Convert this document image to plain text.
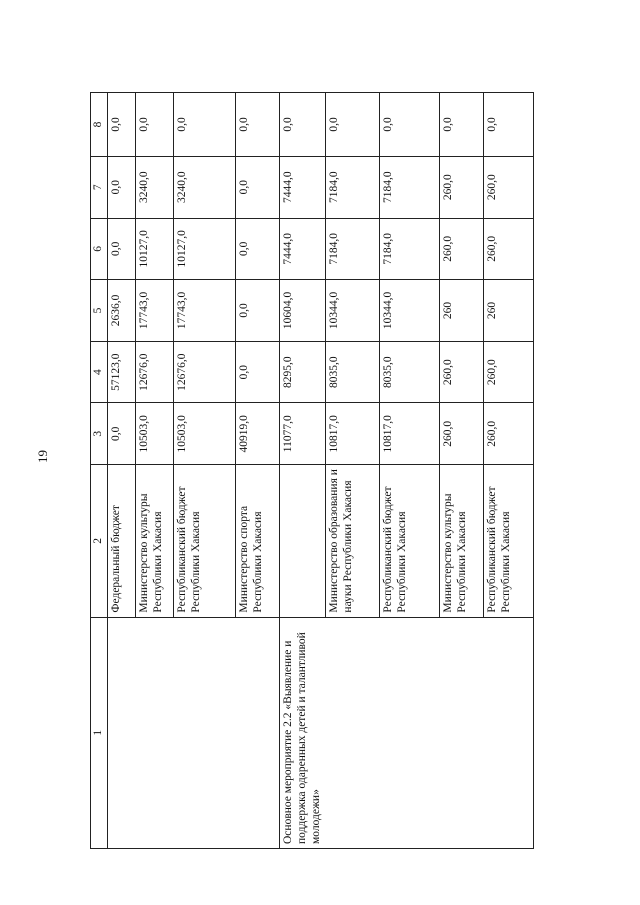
19
1	2	3	4	5	6	7	8
	Федеральный бюджет	0,0	57123,0	2636,0	0,0	0,0	0,0
	Министерство культуры Республики Хакасия	10503,0	12676,0	17743,0	10127,0	3240,0	0,0
	Республиканский бюджет Республики Хакасия	10503,0	12676,0	17743,0	10127,0	3240,0	0,0
	Министерство спорта Республики Хакасия	40919,0	0,0	0,0	0,0	0,0	0,0
Основное мероприятие 2.2 «Выявление и поддержка одаренных детей и талантливой молодежи»		11077,0	8295,0	10604,0	7444,0	7444,0	0,0
	Министерство образования и науки Республики Хакасия	10817,0	8035,0	10344,0	7184,0	7184,0	0,0
	Республиканский бюджет Республики Хакасия	10817,0	8035,0	10344,0	7184,0	7184,0	0,0
	Министерство культуры Республики Хакасия	260,0	260,0	260	260,0	260,0	0,0
	Республиканский бюджет Республики Хакасия	260,0	260,0	260	260,0	260,0	0,0
